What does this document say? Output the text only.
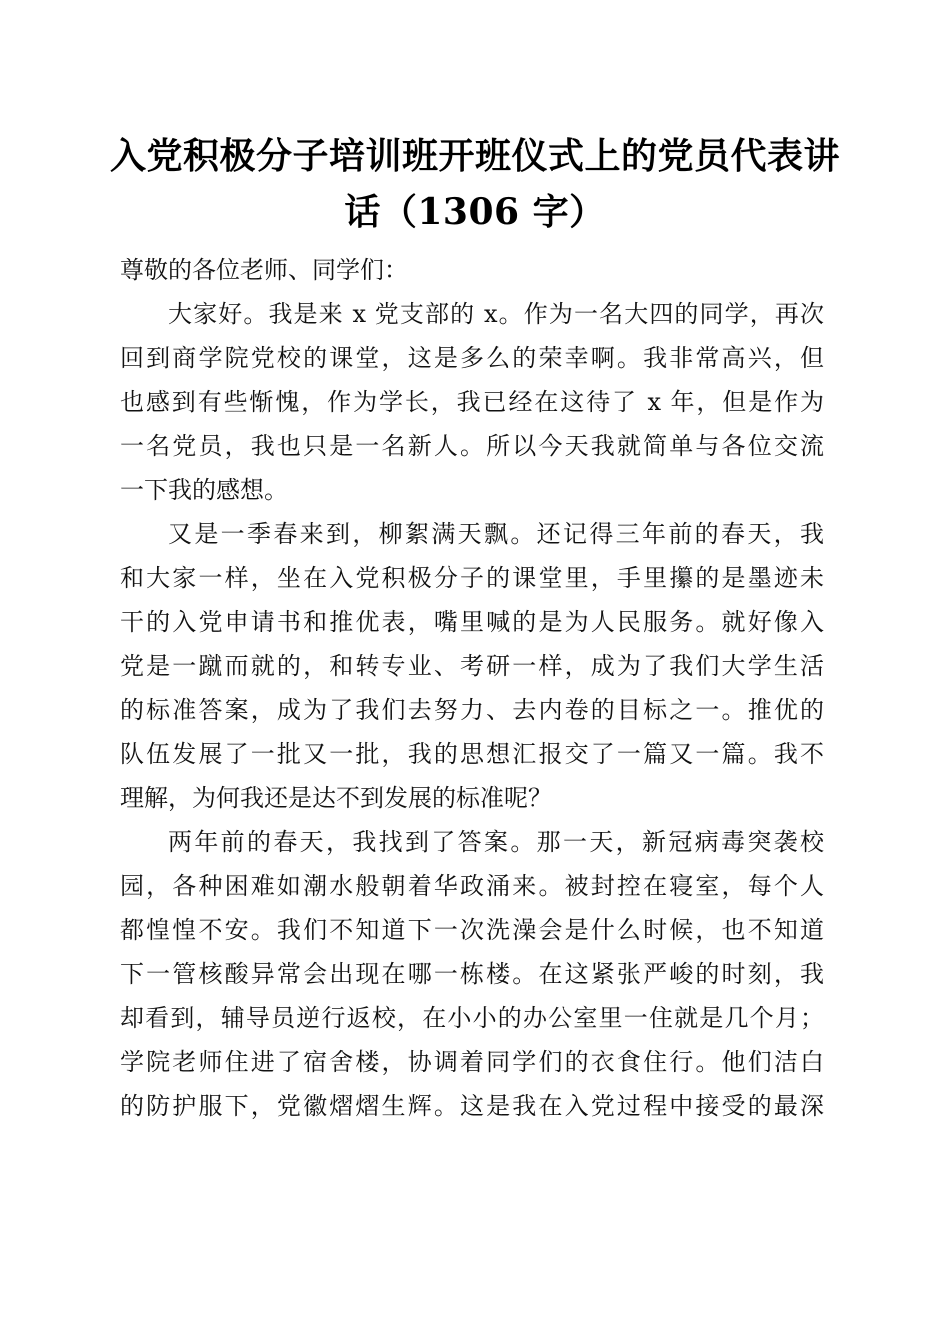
入党积极分子培训班开班仪式上的党员代表讲
话（1306 字）
尊敬的各位老师、同学们：
大家好。我是来 x 党支部的 x。作为一名大四的同学，再次
回到商学院党校的课堂，这是多么的荣幸啊。我非常高兴，但
也感到有些惭愧，作为学长，我已经在这待了 x 年，但是作为
一名党员，我也只是一名新人。所以今天我就简单与各位交流
一下我的感想。
又是一季春来到，柳絮满天飘。还记得三年前的春天，我
和大家一样，坐在入党积极分子的课堂里，手里攥的是墨迹未
干的入党申请书和推优表，嘴里喊的是为人民服务。就好像入
党是一蹴而就的，和转专业、考研一样，成为了我们大学生活
的标准答案，成为了我们去努力、去内卷的目标之一。推优的
队伍发展了一批又一批，我的思想汇报交了一篇又一篇。我不
理解，为何我还是达不到发展的标准呢？
两年前的春天，我找到了答案。那一天，新冠病毒突袭校
园，各种困难如潮水般朝着华政涌来。被封控在寝室，每个人
都惶惶不安。我们不知道下一次洗澡会是什么时候，也不知道
下一管核酸异常会出现在哪一栋楼。在这紧张严峻的时刻，我
却看到，辅导员逆行返校，在小小的办公室里一住就是几个月；
学院老师住进了宿舍楼，协调着同学们的衣食住行。他们洁白
的防护服下，党徽熠熠生辉。这是我在入党过程中接受的最深
